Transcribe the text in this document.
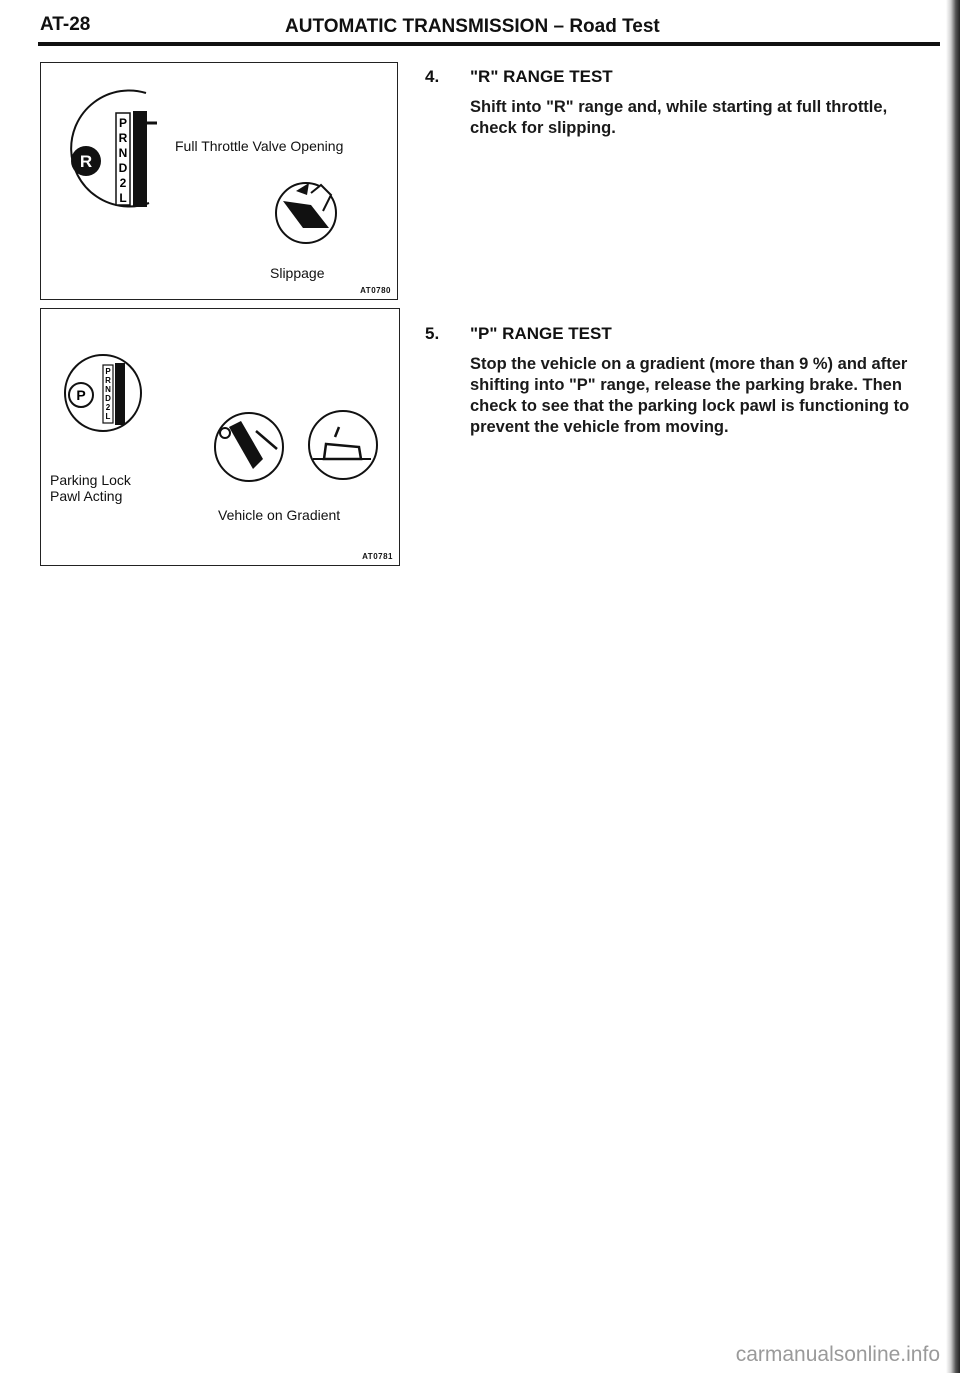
AT-28	AUTOMATIC TRANSMISSION – Road Test
R
P
R
N
D
2
L
Full Throttle Valve Opening
Slippage
AT0780
P
P
R
N
D
2
L
Parking Lock
Pawl Acting
Vehicle on Gradient
AT0781
4.	"R" RANGE TEST
Shift into "R" range and, while starting at full throttle, check for slipping.
5.	"P" RANGE TEST
Stop the vehicle on a gradient (more than 9 %) and after shifting into "P" range, release the parking brake. Then check to see that the parking lock pawl is functioning to prevent the vehicle from moving.
carmanualsonline.info
